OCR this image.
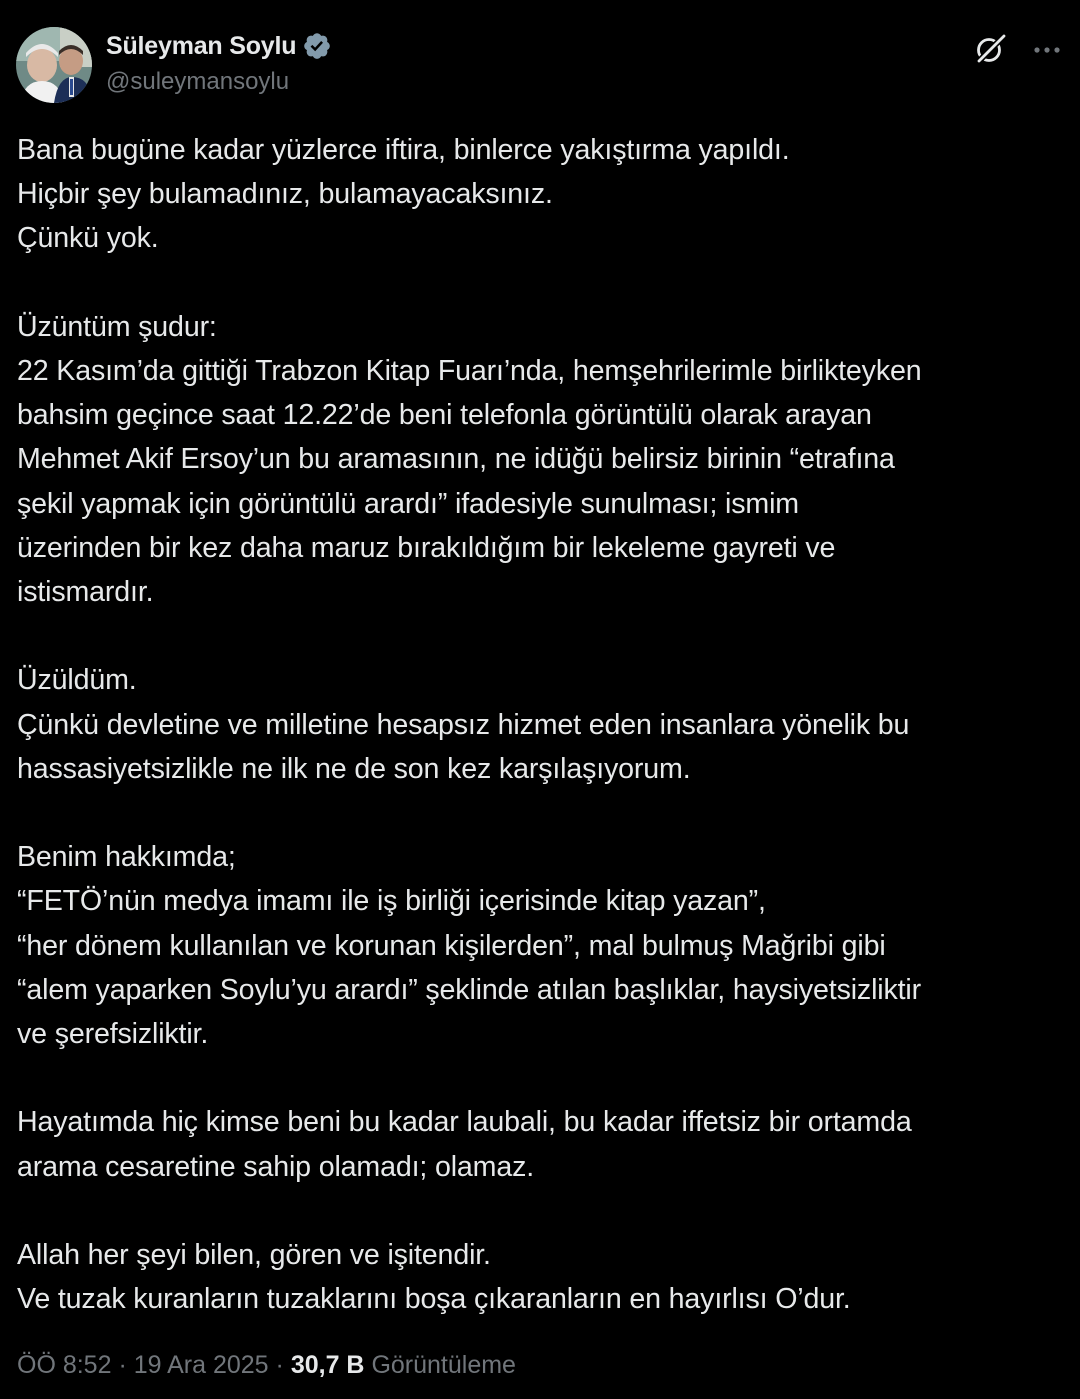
Süleyman Soylu
@suleymansoylu
Bana bugüne kadar yüzlerce iftira, binlerce yakıştırma yapıldı.
Hiçbir şey bulamadınız, bulamayacaksınız.
Çünkü yok.
Üzüntüm şudur:
22 Kasım’da gittiği Trabzon Kitap Fuarı’nda, hemşehrilerimle birlikteyken
bahsim geçince saat 12.22’de beni telefonla görüntülü olarak arayan
Mehmet Akif Ersoy’un bu aramasının, ne idüğü belirsiz birinin “etrafına
şekil yapmak için görüntülü arardı” ifadesiyle sunulması; ismim
üzerinden bir kez daha maruz bırakıldığım bir lekeleme gayreti ve
istismardır.
Üzüldüm.
Çünkü devletine ve milletine hesapsız hizmet eden insanlara yönelik bu
hassasiyetsizlikle ne ilk ne de son kez karşılaşıyorum.
Benim hakkımda;
“FETÖ’nün medya imamı ile iş birliği içerisinde kitap yazan”,
“her dönem kullanılan ve korunan kişilerden”, mal bulmuş Mağribi gibi
“alem yaparken Soylu’yu arardı” şeklinde atılan başlıklar, haysiyetsizliktir
ve şerefsizliktir.
Hayatımda hiç kimse beni bu kadar laubali, bu kadar iffetsiz bir ortamda
arama cesaretine sahip olamadı; olamaz.
Allah her şeyi bilen, gören ve işitendir.
Ve tuzak kuranların tuzaklarını boşa çıkaranların en hayırlısı O’dur.
ÖÖ 8:52 · 19 Ara 2025 · 30,7 B Görüntüleme
